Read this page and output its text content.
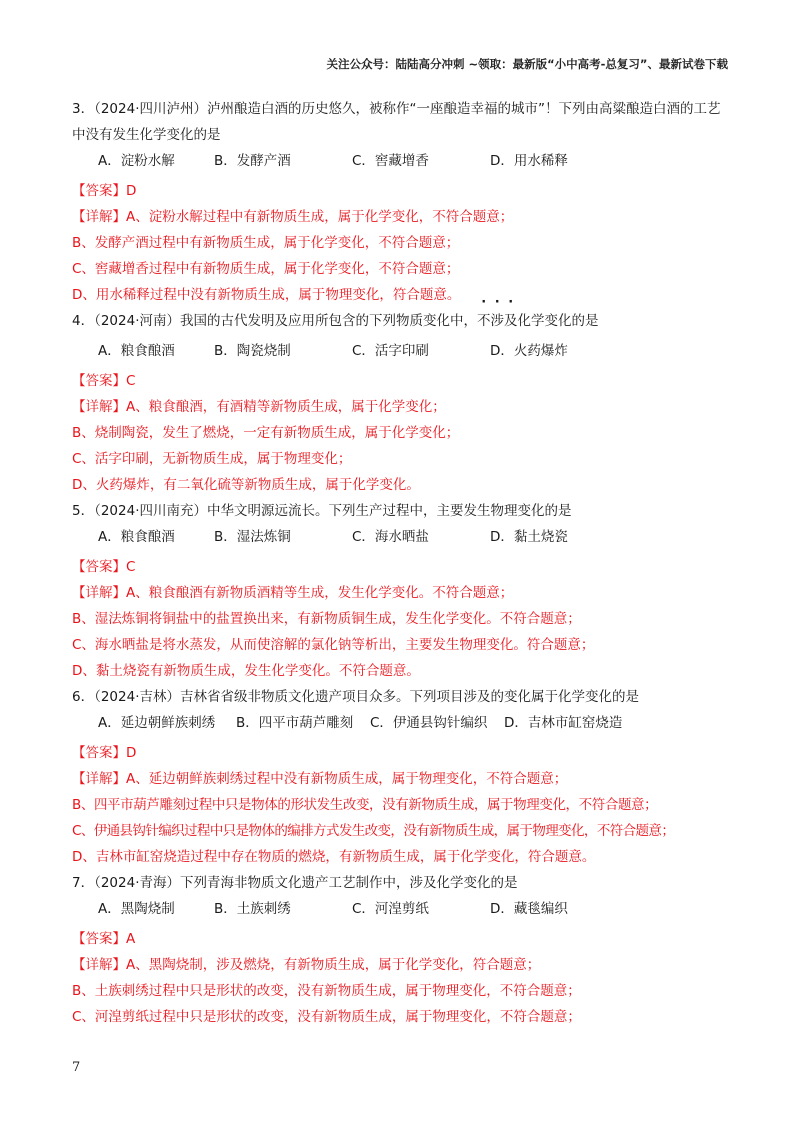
关注公众号：陆陆高分冲刺 ~领取：最新版“小中高考-总复习”、最新试卷下载

3．（2024·四川泸州）泸州酿造白酒的历史悠久，被称作“一座酿造幸福的城市”！下列由高粱酿造白酒的工艺中没有发生化学变化的是

A．淀粉水解	B．发酵产酒	C．窖藏增香	D．用水稀释

【答案】D

【详解】A、淀粉水解过程中有新物质生成，属于化学变化，不符合题意；

B、发酵产酒过程中有新物质生成，属于化学变化，不符合题意；

C、窖藏增香过程中有新物质生成，属于化学变化，不符合题意；

D、用水稀释过程中没有新物质生成，属于物理变化，符合题意。

4．（2024·河南）我国的古代发明及应用所包含的下列物质变化中，不涉及
· · ·
化学变化的是

A．粮食酿酒	B．陶瓷烧制	C．活字印刷	D．火药爆炸

【答案】C

【详解】A、粮食酿酒，有酒精等新物质生成，属于化学变化；

B、烧制陶瓷，发生了燃烧，一定有新物质生成，属于化学变化；

C、活字印刷，无新物质生成，属于物理变化；

D、火药爆炸，有二氧化硫等新物质生成，属于化学变化。

5．（2024·四川南充）中华文明源远流长。下列生产过程中，主要发生物理变化的是

A．粮食酿酒	B．湿法炼铜	C．海水晒盐	D．黏土烧瓷

【答案】C

【详解】A、粮食酿酒有新物质酒精等生成，发生化学变化。不符合题意；

B、湿法炼铜将铜盐中的盐置换出来，有新物质铜生成，发生化学变化。不符合题意；

C、海水晒盐是将水蒸发，从而使溶解的氯化钠等析出，主要发生物理变化。符合题意；

D、黏土烧瓷有新物质生成，发生化学变化。不符合题意。

6．（2024·吉林）吉林省省级非物质文化遗产项目众多。下列项目涉及的变化属于化学变化的是

A．延边朝鲜族刺绣	B．四平市葫芦雕刻	C．伊通县钩针编织	D．吉林市缸窑烧造

【答案】D

【详解】A、延边朝鲜族刺绣过程中没有新物质生成，属于物理变化，不符合题意；

B、四平市葫芦雕刻过程中只是物体的形状发生改变，没有新物质生成，属于物理变化，不符合题意；

C、伊通县钩针编织过程中只是物体的编排方式发生改变，没有新物质生成，属于物理变化，不符合题意；

D、吉林市缸窑烧造过程中存在物质的燃烧，有新物质生成，属于化学变化，符合题意。

7．（2024·青海）下列青海非物质文化遗产工艺制作中，涉及化学变化的是

A．黑陶烧制	B．土族刺绣	C．河湟剪纸	D．藏毯编织

【答案】A

【详解】A、黑陶烧制，涉及燃烧，有新物质生成，属于化学变化，符合题意；

B、土族刺绣过程中只是形状的改变，没有新物质生成，属于物理变化，不符合题意；

C、河湟剪纸过程中只是形状的改变，没有新物质生成，属于物理变化，不符合题意；

7
